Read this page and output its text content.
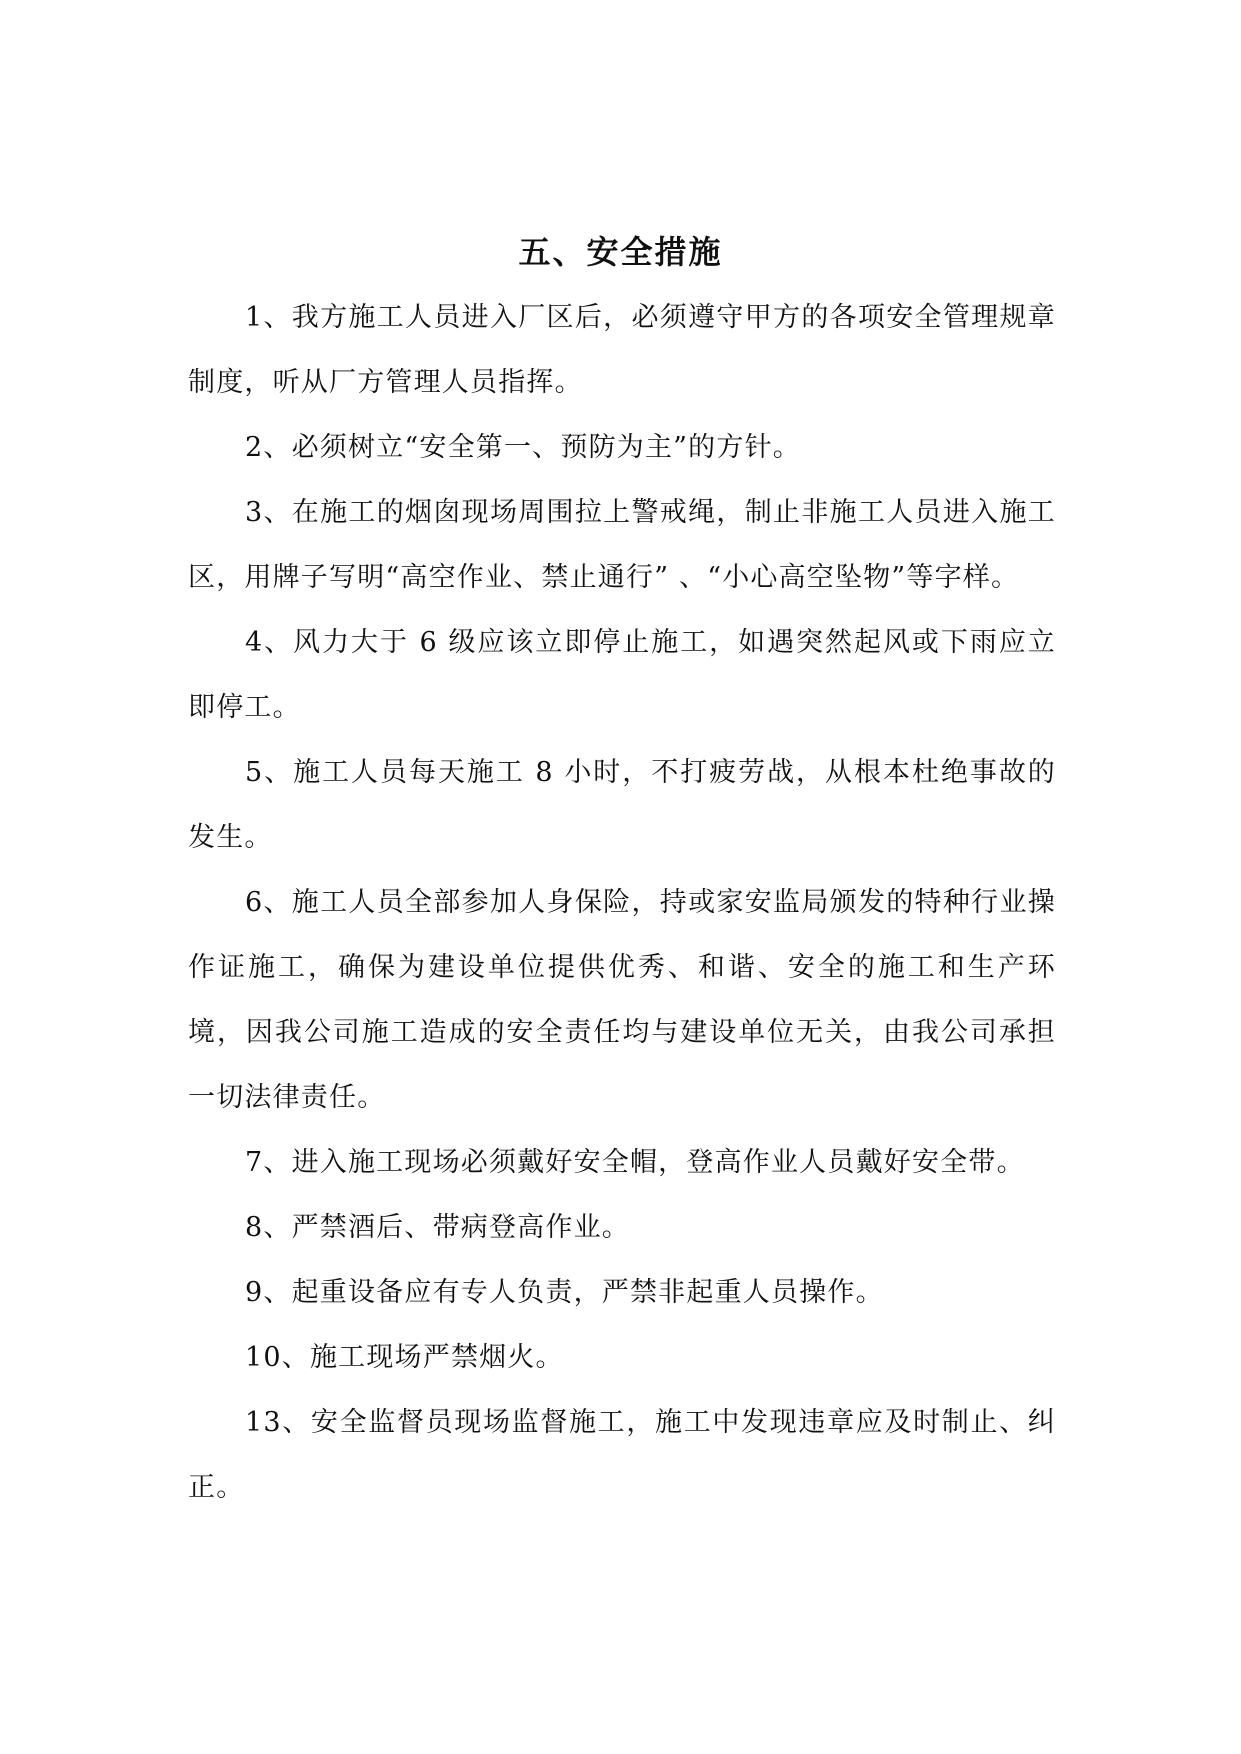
五、安全措施

1、我方施工人员进入厂区后，必须遵守甲方的各项安全管理规章制度，听从厂方管理人员指挥。

2、必须树立“安全第一、预防为主”的方针。

3、在施工的烟囱现场周围拉上警戒绳，制止非施工人员进入施工区，用牌子写明“高空作业、禁止通行” 、“小心高空坠物”等字样。

4、风力大于 6 级应该立即停止施工，如遇突然起风或下雨应立即停工。

5、施工人员每天施工 8 小时，不打疲劳战，从根本杜绝事故的发生。

6、施工人员全部参加人身保险，持或家安监局颁发的特种行业操作证施工，确保为建设单位提供优秀、和谐、安全的施工和生产环境，因我公司施工造成的安全责任均与建设单位无关，由我公司承担一切法律责任。

7、进入施工现场必须戴好安全帽，登高作业人员戴好安全带。

8、严禁酒后、带病登高作业。

9、起重设备应有专人负责，严禁非起重人员操作。

10、施工现场严禁烟火。

13、安全监督员现场监督施工，施工中发现违章应及时制止、纠正。
